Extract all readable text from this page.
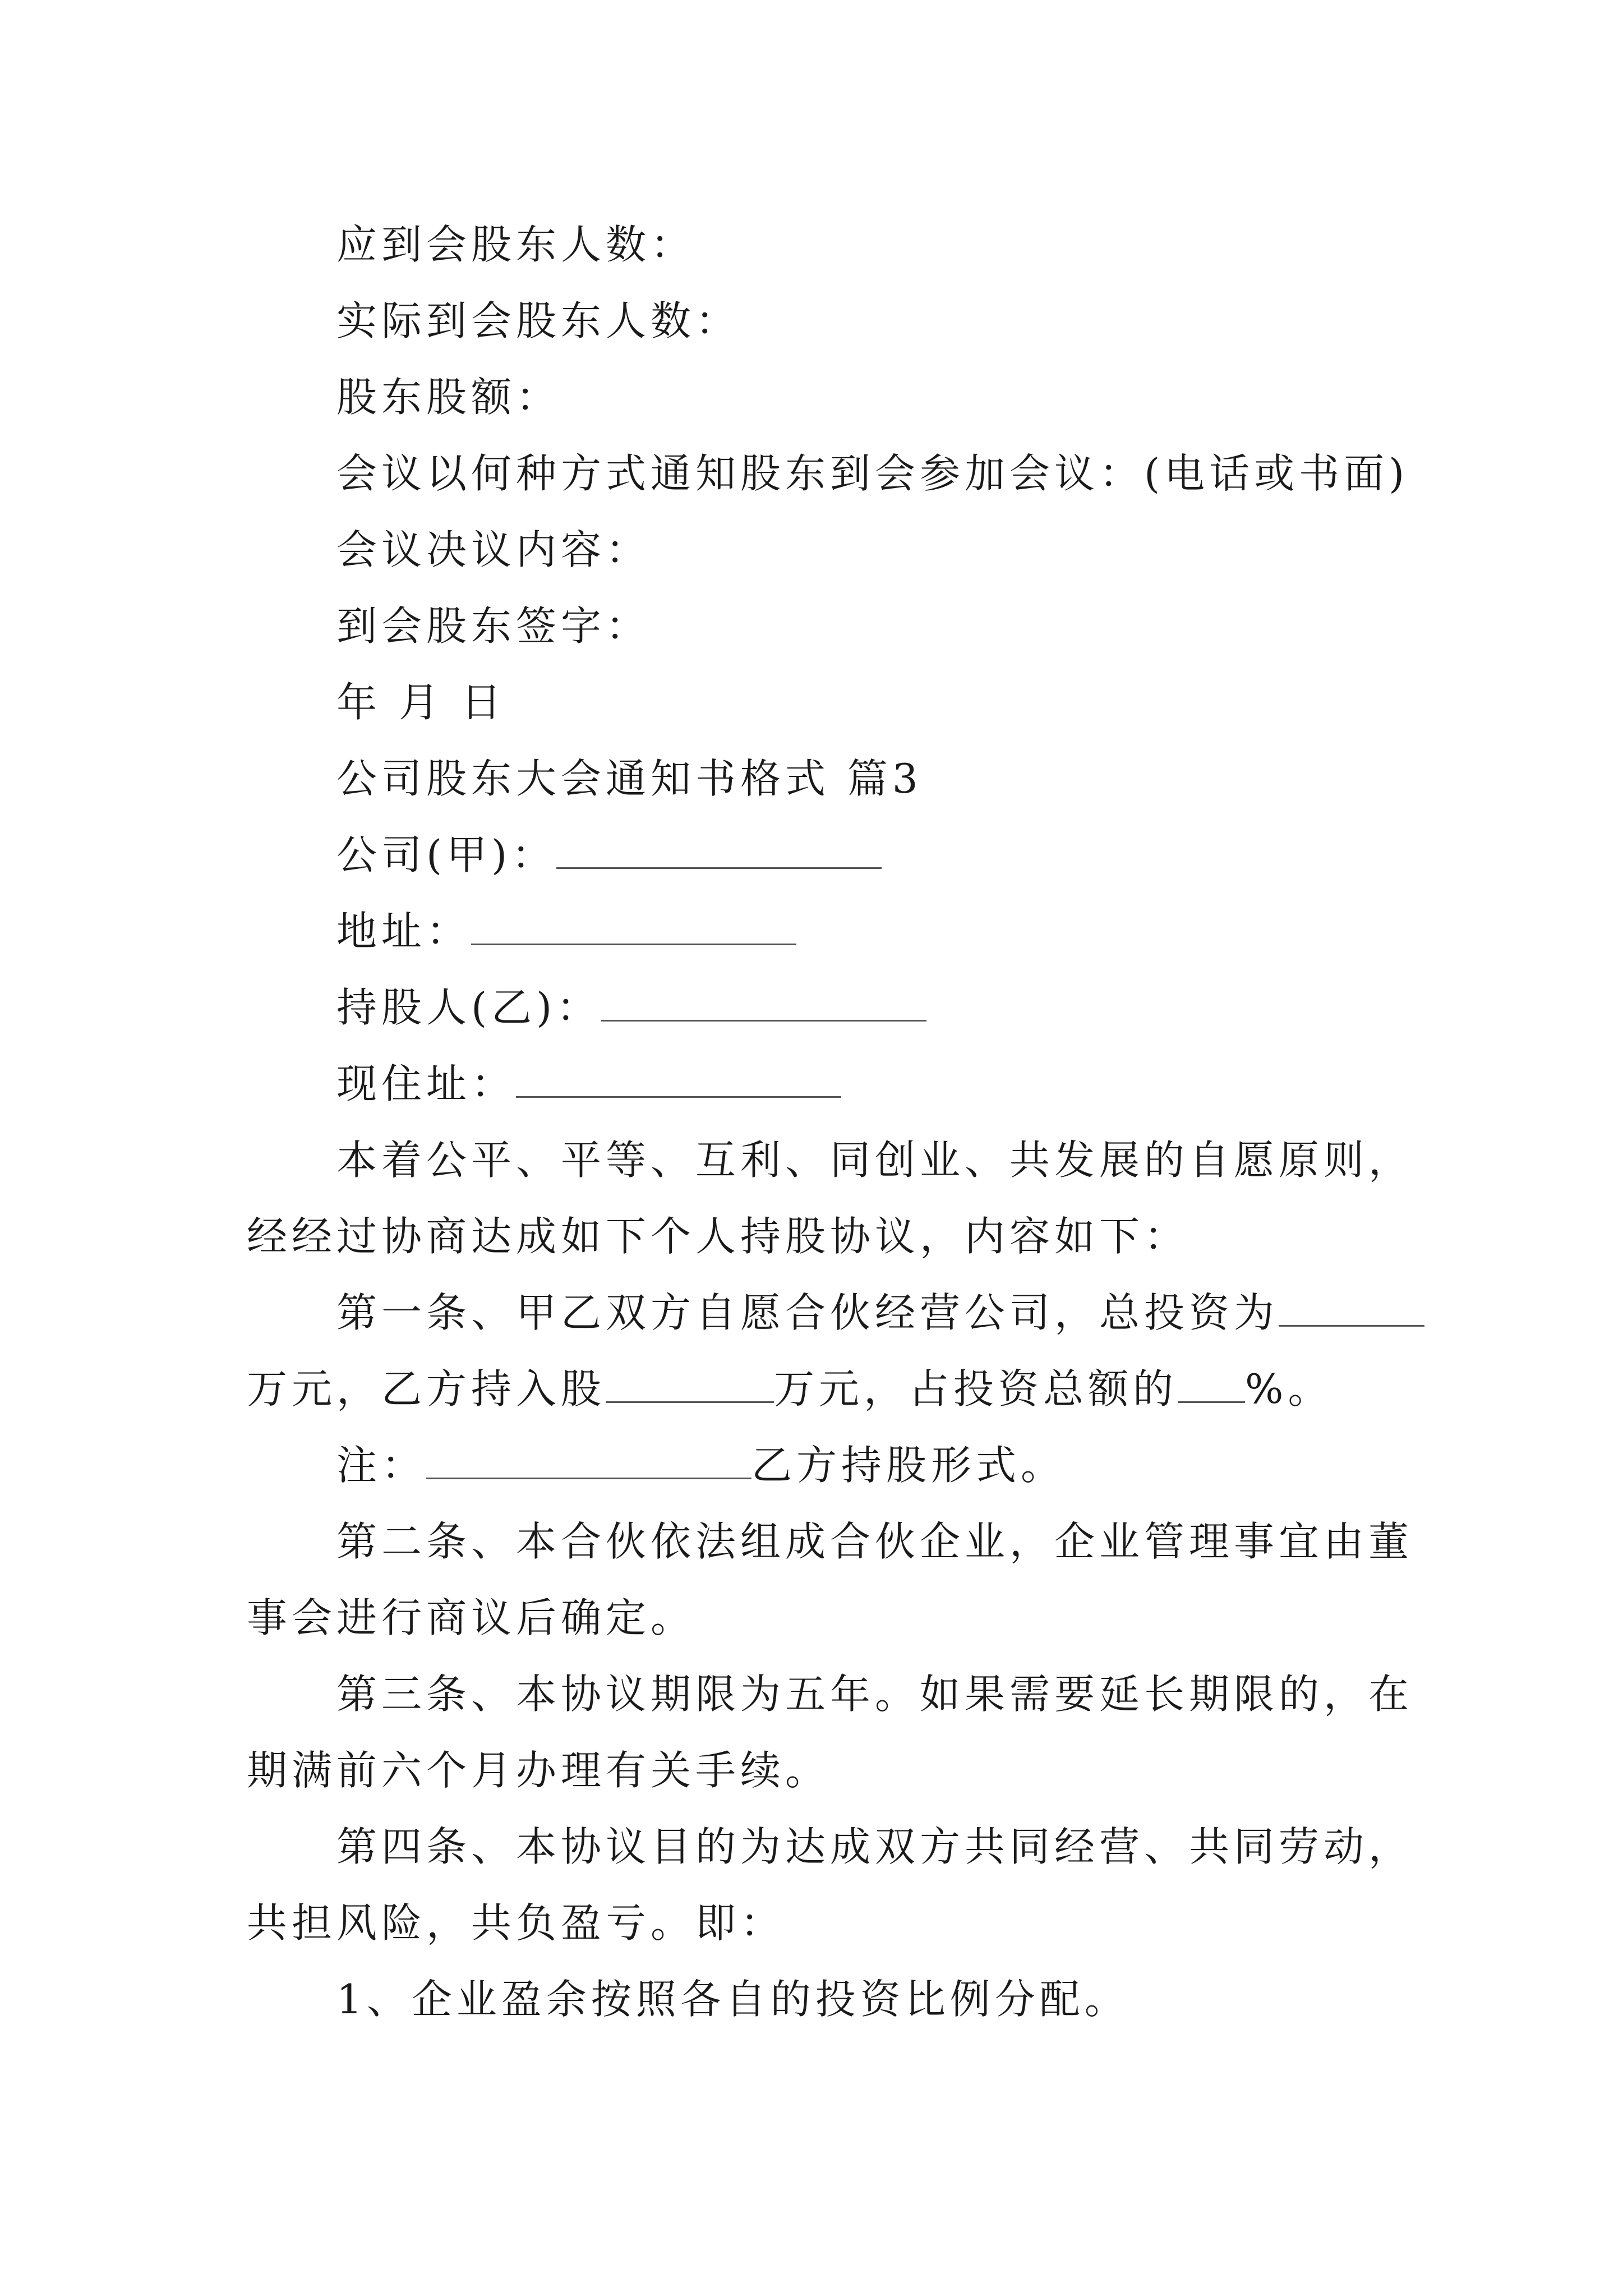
应到会股东人数：
实际到会股东人数：
股东股额：
会议以何种方式通知股东到会参加会议：(电话或书面)
会议决议内容：
到会股东签字：
年 月 日
公司股东大会通知书格式 篇3
公司(甲)：
地址：
持股人(乙)：
现住址：
本着公平、平等、互利、同创业、共发展的自愿原则，
经经过协商达成如下个人持股协议，内容如下：
第一条、甲乙双方自愿合伙经营公司，总投资为
万元，乙方持入股	万元，占投资总额的 %。
注：	乙方持股形式。
第二条、本合伙依法组成合伙企业，企业管理事宜由董
事会进行商议后确定。
第三条、本协议期限为五年。如果需要延长期限的，在
期满前六个月办理有关手续。
第四条、本协议目的为达成双方共同经营、共同劳动，
共担风险，共负盈亏。即：
1、企业盈余按照各自的投资比例分配。
